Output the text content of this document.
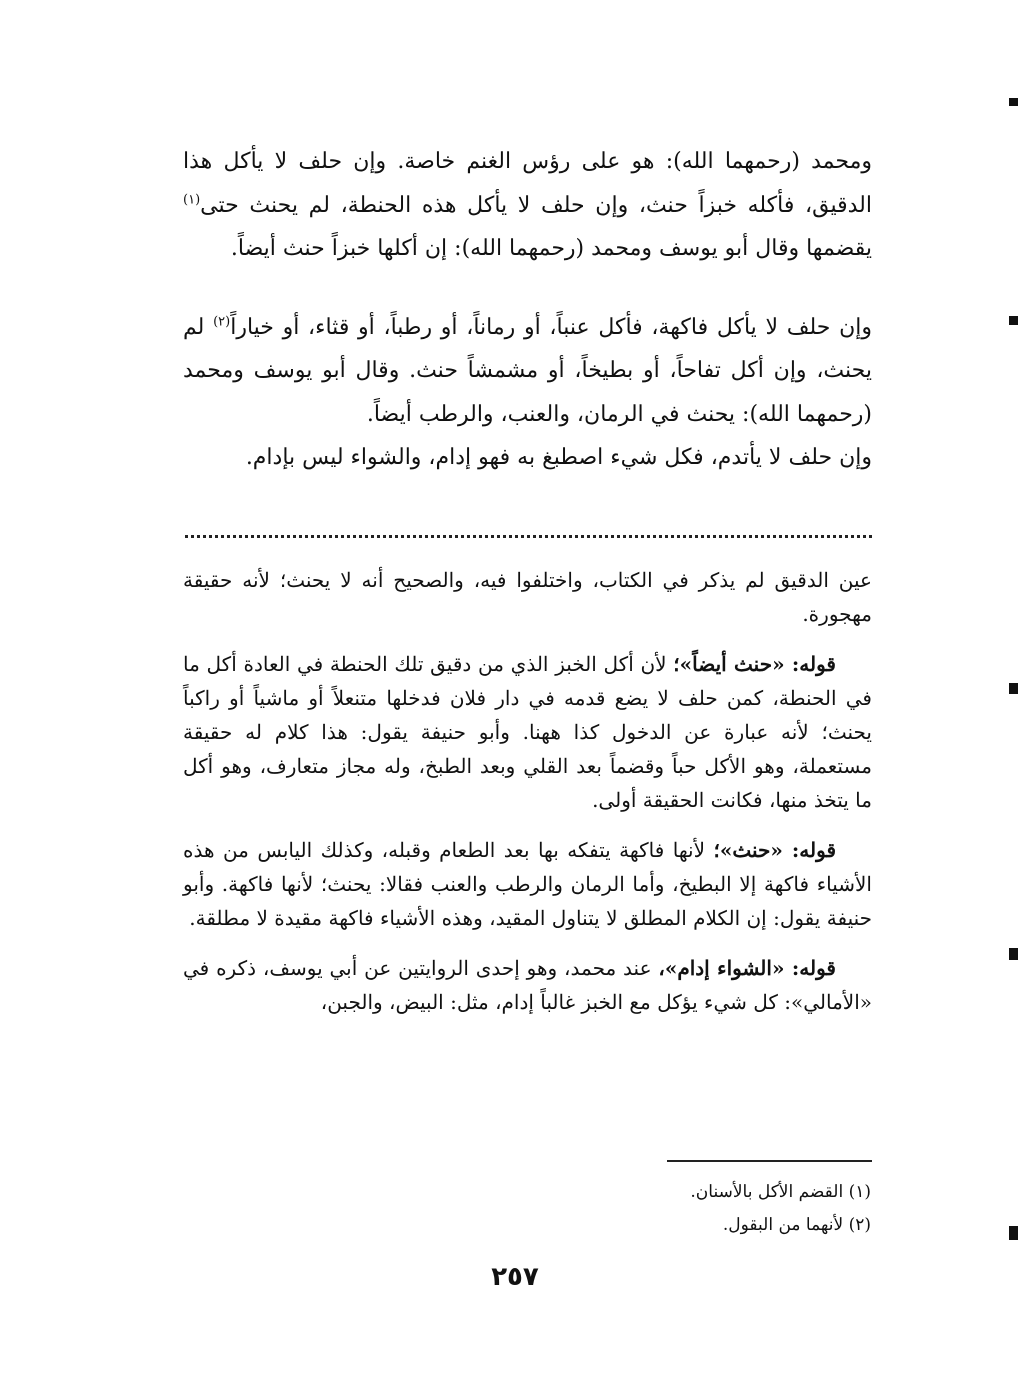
ومحمد (رحمهما الله): هو على رؤس الغنم خاصة. وإن حلف لا يأكل هذا الدقيق، فأكله خبزاً حنث، وإن حلف لا يأكل هذه الحنطة، لم يحنث حتى$^{(١)}$ يقضمها وقال أبو يوسف ومحمد (رحمهما الله): إن أكلها خبزاً حنث أيضاً.

وإن حلف لا يأكل فاكهة، فأكل عنباً، أو رماناً، أو رطباً، أو قثاء، أو خياراً$^{(٢)}$ لم يحنث، وإن أكل تفاحاً، أو بطيخاً، أو مشمشاً حنث. وقال أبو يوسف ومحمد (رحمهما الله): يحنث في الرمان، والعنب، والرطب أيضاً.

وإن حلف لا يأتدم، فكل شيء اصطبغ به فهو إدام، والشواء ليس بإدام.

عين الدقيق لم يذكر في الكتاب، واختلفوا فيه، والصحيح أنه لا يحنث؛ لأنه حقيقة مهجورة.

قوله: «حنث أيضاً»؛ لأن أكل الخبز الذي من دقيق تلك الحنطة في العادة أكل ما في الحنطة، كمن حلف لا يضع قدمه في دار فلان فدخلها متنعلاً أو ماشياً أو راكباً يحنث؛ لأنه عبارة عن الدخول كذا ههنا. وأبو حنيفة يقول: هذا كلام له حقيقة مستعملة، وهو الأكل حباً وقضماً بعد القلي وبعد الطبخ، وله مجاز متعارف، وهو أكل ما يتخذ منها، فكانت الحقيقة أولى.

قوله: «حنث»؛ لأنها فاكهة يتفكه بها بعد الطعام وقبله، وكذلك اليابس من هذه الأشياء فاكهة إلا البطيخ، وأما الرمان والرطب والعنب فقالا: يحنث؛ لأنها فاكهة. وأبو حنيفة يقول: إن الكلام المطلق لا يتناول المقيد، وهذه الأشياء فاكهة مقيدة لا مطلقة.

قوله: «الشواء إدام»، عند محمد، وهو إحدى الروايتين عن أبي يوسف، ذكره في «الأمالي»: كل شيء يؤكل مع الخبز غالباً إدام، مثل: البيض، والجبن،

(١) القضم الأكل بالأسنان.

(٢) لأنهما من البقول.

٢٥٧
